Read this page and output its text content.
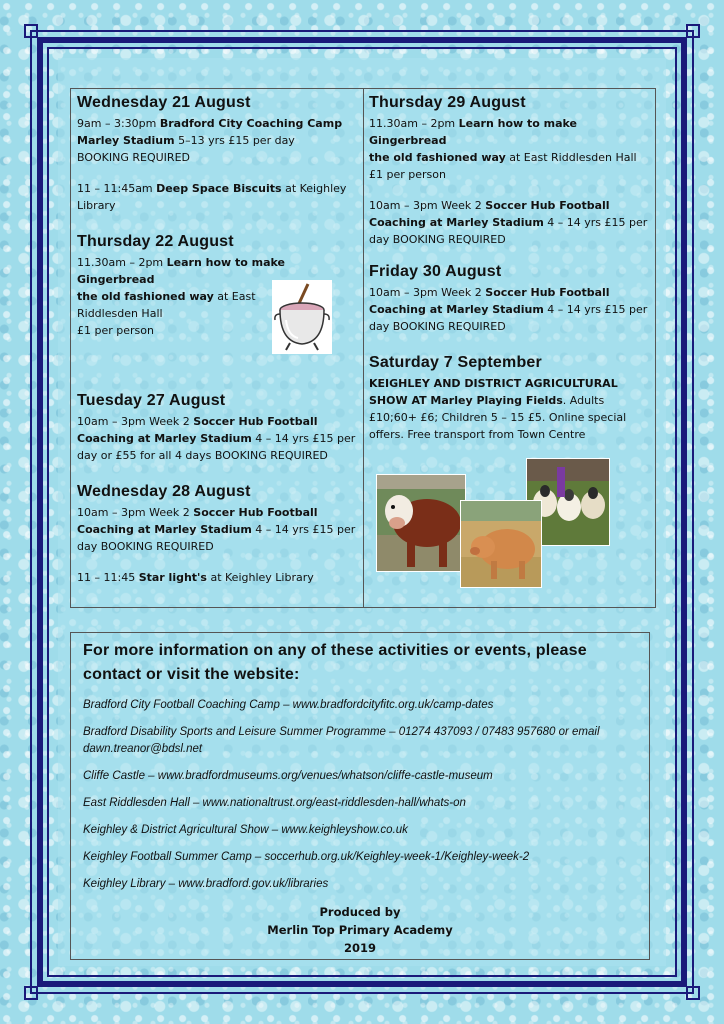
Wednesday 21 August
9am – 3:30pm Bradford City Coaching Camp
Marley Stadium 5–13 yrs £15 per day
BOOKING REQUIRED
11 – 11:45am Deep Space Biscuits at Keighley
Library
Thursday 22 August
11.30am – 2pm Learn how to make Gingerbread
the old fashioned way at East
Riddlesden Hall
£1 per person
Tuesday 27 August
10am – 3pm Week 2 Soccer Hub Football
Coaching at Marley Stadium 4 – 14 yrs £15 per
day or £55 for all 4 days BOOKING REQUIRED
Wednesday 28 August
10am – 3pm Week 2 Soccer Hub Football
Coaching at Marley Stadium 4 – 14 yrs £15 per
day BOOKING REQUIRED
11 – 11:45 Star light's at Keighley Library
Thursday 29 August
11.30am – 2pm Learn how to make Gingerbread
the old fashioned way at East Riddlesden Hall
£1 per person
10am – 3pm Week 2 Soccer Hub Football
Coaching at Marley Stadium 4 – 14 yrs £15 per
day BOOKING REQUIRED
Friday 30 August
10am – 3pm Week 2 Soccer Hub Football
Coaching at Marley Stadium 4 – 14 yrs £15 per
day BOOKING REQUIRED
Saturday 7 September
KEIGHLEY AND DISTRICT AGRICULTURAL
SHOW AT Marley Playing Fields. Adults
£10;60+ £6; Children 5 – 15 £5. Online special
offers. Free transport from Town Centre
For more information on any of these activities or events, please
contact or visit the website:
Bradford City Football Coaching Camp – www.bradfordcityfitc.org.uk/camp-dates
Bradford Disability Sports and Leisure Summer Programme – 01274 437093 / 07483 957680 or email dawn.treanor@bdsl.net
Cliffe Castle – www.bradfordmuseums.org/venues/whatson/cliffe-castle-museum
East Riddlesden Hall – www.nationaltrust.org/east-riddlesden-hall/whats-on
Keighley & District Agricultural Show – www.keighleyshow.co.uk
Keighley Football Summer Camp – soccerhub.org.uk/Keighley-week-1/Keighley-week-2
Keighley Library – www.bradford.gov.uk/libraries
Produced by
Merlin Top Primary Academy
2019
